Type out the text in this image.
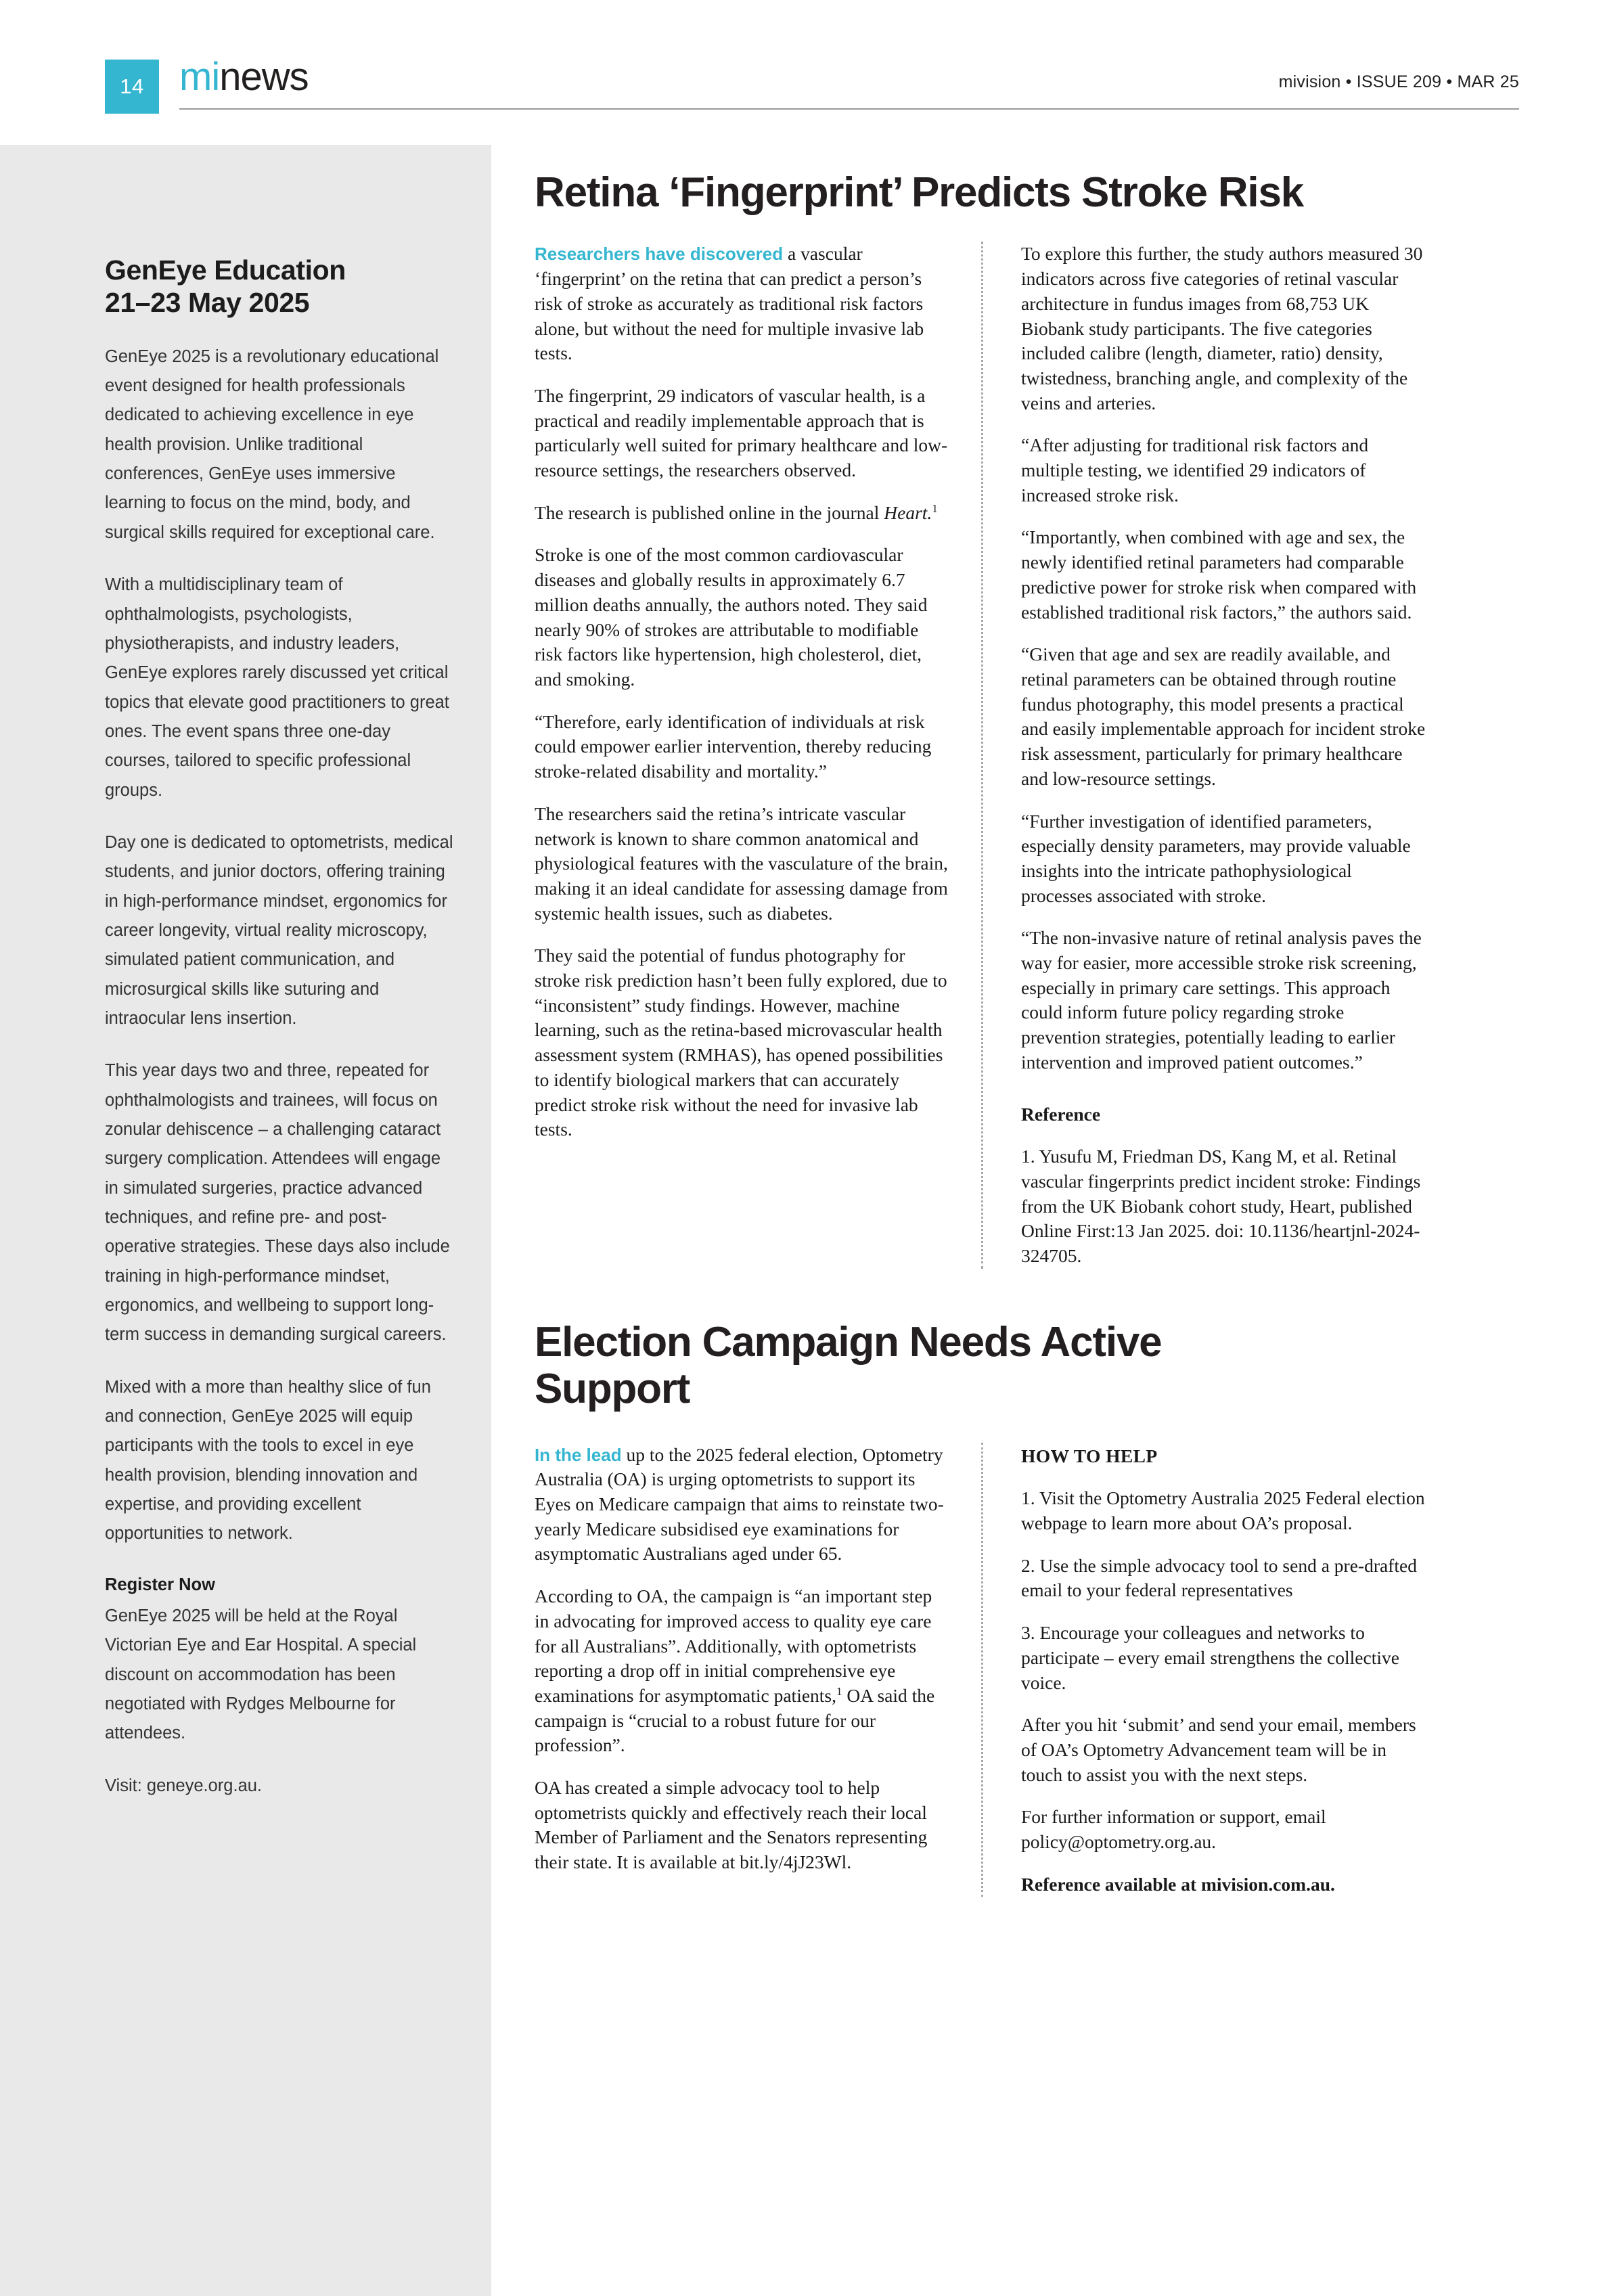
14 minews	mivision • ISSUE 209 • MAR 25
GenEye Education
21–23 May 2025

GenEye 2025 is a revolutionary educational event designed for health professionals dedicated to achieving excellence in eye health provision. Unlike traditional conferences, GenEye uses immersive learning to focus on the mind, body, and surgical skills required for exceptional care.

With a multidisciplinary team of ophthalmologists, psychologists, physiotherapists, and industry leaders, GenEye explores rarely discussed yet critical topics that elevate good practitioners to great ones. The event spans three one-day courses, tailored to specific professional groups.

Day one is dedicated to optometrists, medical students, and junior doctors, offering training in high-performance mindset, ergonomics for career longevity, virtual reality microscopy, simulated patient communication, and microsurgical skills like suturing and intraocular lens insertion.

This year days two and three, repeated for ophthalmologists and trainees, will focus on zonular dehiscence – a challenging cataract surgery complication. Attendees will engage in simulated surgeries, practice advanced techniques, and refine pre- and post-operative strategies. These days also include training in high-performance mindset, ergonomics, and wellbeing to support long-term success in demanding surgical careers.

Mixed with a more than healthy slice of fun and connection, GenEye 2025 will equip participants with the tools to excel in eye health provision, blending innovation and expertise, and providing excellent opportunities to network.

Register Now

GenEye 2025 will be held at the Royal Victorian Eye and Ear Hospital. A special discount on accommodation has been negotiated with Rydges Melbourne for attendees.

Visit: geneye.org.au.

Retina ‘Fingerprint’ Predicts Stroke Risk

Researchers have discovered a vascular ‘fingerprint’ on the retina that can predict a person’s risk of stroke as accurately as traditional risk factors alone, but without the need for multiple invasive lab tests.

The fingerprint, 29 indicators of vascular health, is a practical and readily implementable approach that is particularly well suited for primary healthcare and low-resource settings, the researchers observed.

The research is published online in the journal Heart.$^1$

Stroke is one of the most common cardiovascular diseases and globally results in approximately 6.7 million deaths annually, the authors noted. They said nearly 90% of strokes are attributable to modifiable risk factors like hypertension, high cholesterol, diet, and smoking.

“Therefore, early identification of individuals at risk could empower earlier intervention, thereby reducing stroke-related disability and mortality.”

The researchers said the retina’s intricate vascular network is known to share common anatomical and physiological features with the vasculature of the brain, making it an ideal candidate for assessing damage from systemic health issues, such as diabetes.

They said the potential of fundus photography for stroke risk prediction hasn’t been fully explored, due to “inconsistent” study findings. However, machine learning, such as the retina-based microvascular health assessment system (RMHAS), has opened possibilities to identify biological markers that can accurately predict stroke risk without the need for invasive lab tests.

To explore this further, the study authors measured 30 indicators across five categories of retinal vascular architecture in fundus images from 68,753 UK Biobank study participants. The five categories included calibre (length, diameter, ratio) density, twistedness, branching angle, and complexity of the veins and arteries.

“After adjusting for traditional risk factors and multiple testing, we identified 29 indicators of increased stroke risk.

“Importantly, when combined with age and sex, the newly identified retinal parameters had comparable predictive power for stroke risk when compared with established traditional risk factors,” the authors said.

“Given that age and sex are readily available, and retinal parameters can be obtained through routine fundus photography, this model presents a practical and easily implementable approach for incident stroke risk assessment, particularly for primary healthcare and low-resource settings.

“Further investigation of identified parameters, especially density parameters, may provide valuable insights into the intricate pathophysiological processes associated with stroke.

“The non-invasive nature of retinal analysis paves the way for easier, more accessible stroke risk screening, especially in primary care settings. This approach could inform future policy regarding stroke prevention strategies, potentially leading to earlier intervention and improved patient outcomes.”

Reference

1. Yusufu M, Friedman DS, Kang M, et al. Retinal vascular fingerprints predict incident stroke: Findings from the UK Biobank cohort study, Heart, published Online First:13 Jan 2025. doi: 10.1136/heartjnl-2024-324705.

Election Campaign Needs Active Support

In the lead up to the 2025 federal election, Optometry Australia (OA) is urging optometrists to support its Eyes on Medicare campaign that aims to reinstate two-yearly Medicare subsidised eye examinations for asymptomatic Australians aged under 65.

According to OA, the campaign is “an important step in advocating for improved access to quality eye care for all Australians”. Additionally, with optometrists reporting a drop off in initial comprehensive eye examinations for asymptomatic patients,$^1$ OA said the campaign is “crucial to a robust future for our profession”.

OA has created a simple advocacy tool to help optometrists quickly and effectively reach their local Member of Parliament and the Senators representing their state. It is available at bit.ly/4jJ23Wl.

HOW TO HELP

1. Visit the Optometry Australia 2025 Federal election webpage to learn more about OA’s proposal.

2. Use the simple advocacy tool to send a pre-drafted email to your federal representatives

3. Encourage your colleagues and networks to participate – every email strengthens the collective voice.

After you hit ‘submit’ and send your email, members of OA’s Optometry Advancement team will be in touch to assist you with the next steps.

For further information or support, email policy@optometry.org.au.

Reference available at mivision.com.au.
